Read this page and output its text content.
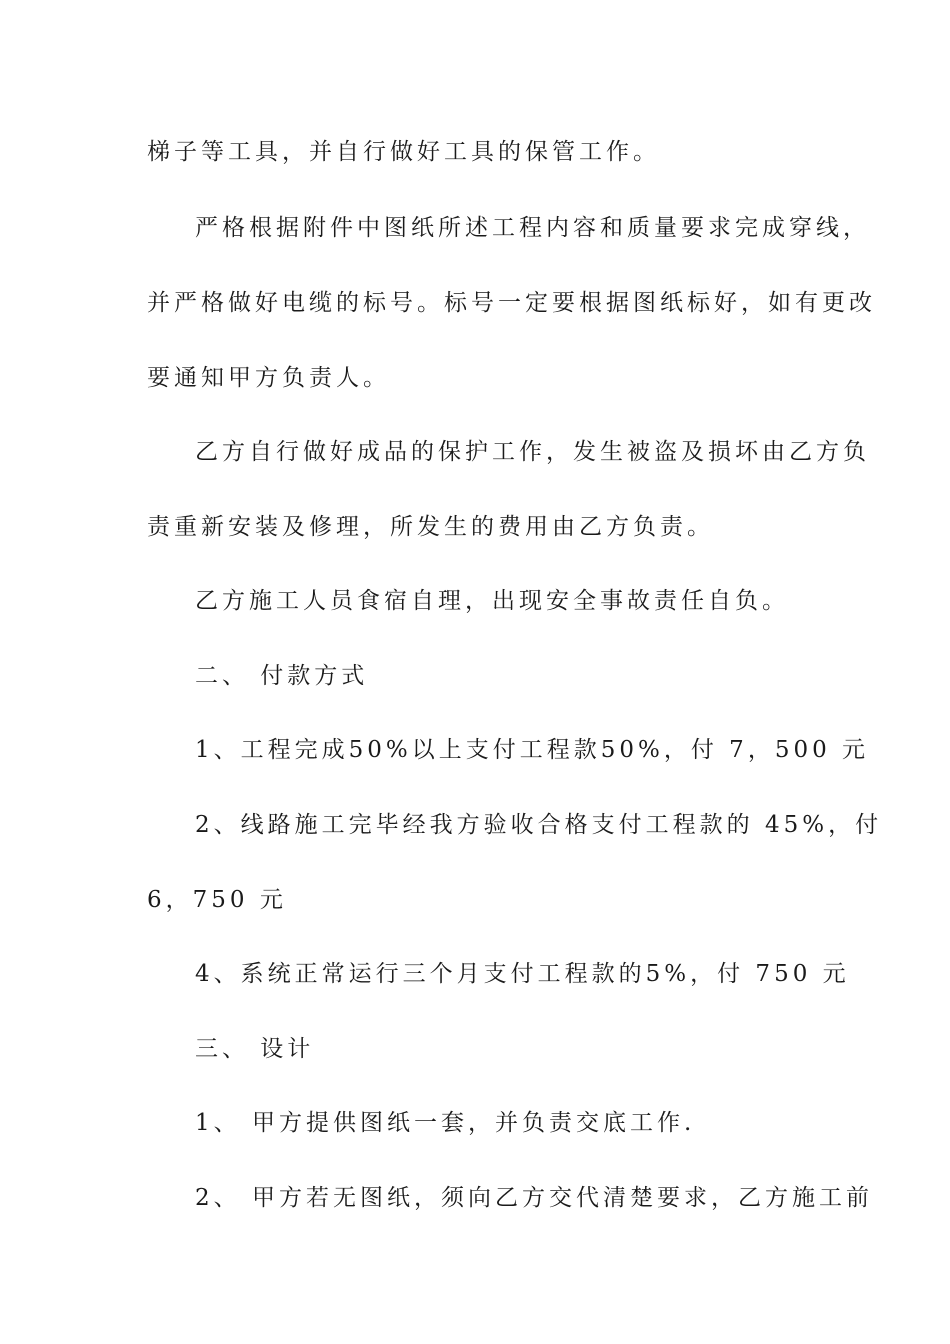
梯子等工具，并自行做好工具的保管工作。
严格根据附件中图纸所述工程内容和质量要求完成穿线，
并严格做好电缆的标号。标号一定要根据图纸标好，如有更改
要通知甲方负责人。
乙方自行做好成品的保护工作，发生被盗及损坏由乙方负
责重新安装及修理，所发生的费用由乙方负责。
乙方施工人员食宿自理，出现安全事故责任自负。
二、 付款方式
1、工程完成50%以上支付工程款50%，付 7，500 元
2、线路施工完毕经我方验收合格支付工程款的 45%，付
6，750 元
4、系统正常运行三个月支付工程款的5%，付 750 元
三、 设计
1、 甲方提供图纸一套，并负责交底工作.
2、 甲方若无图纸，须向乙方交代清楚要求，乙方施工前
